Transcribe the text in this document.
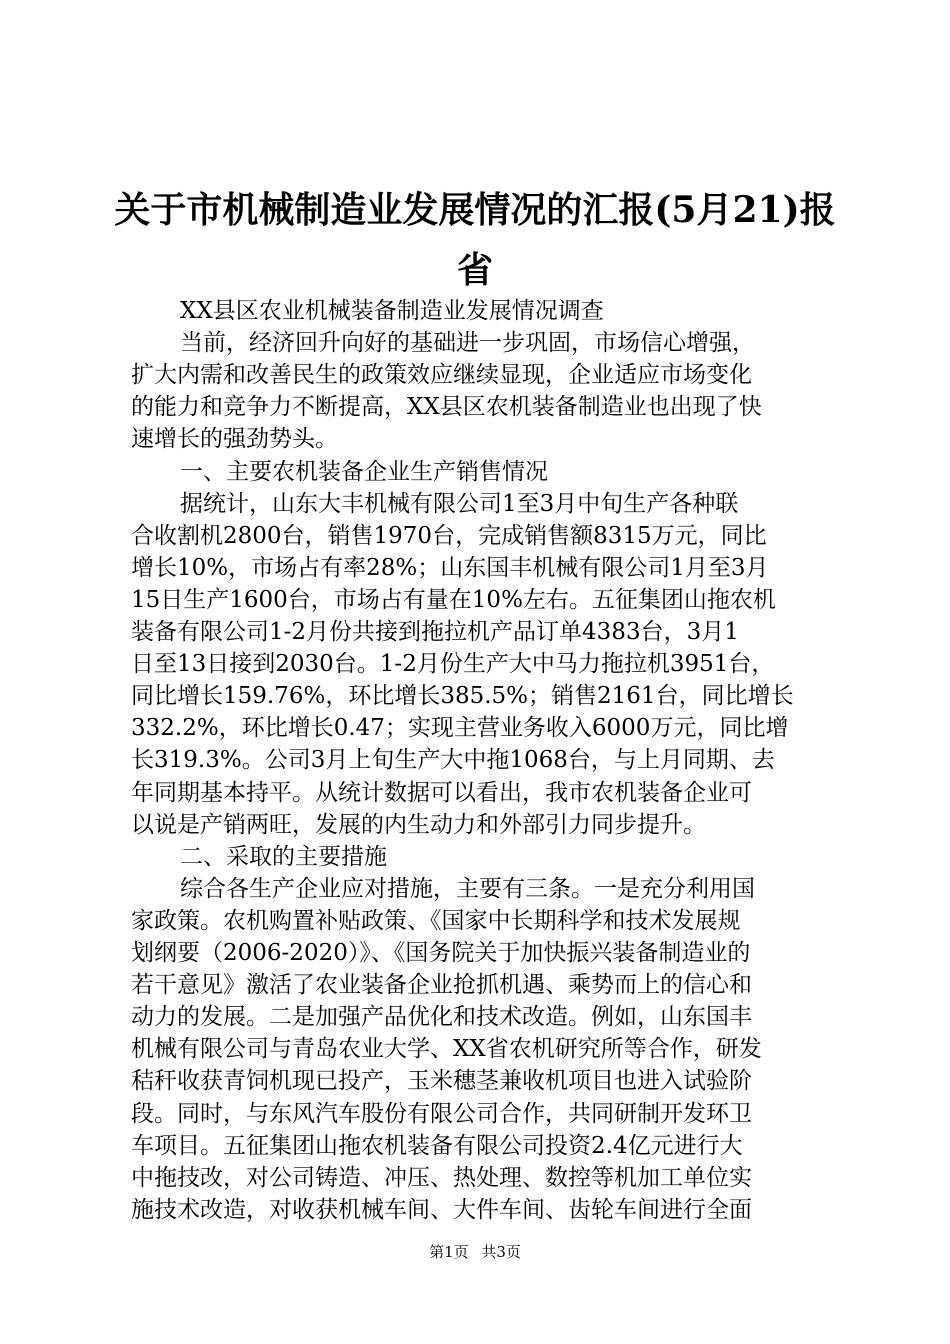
关于市机械制造业发展情况的汇报(5月21)报
省
XX县区农业机械装备制造业发展情况调查
当前，经济回升向好的基础进一步巩固，市场信心增强，
扩大内需和改善民生的政策效应继续显现，企业适应市场变化
的能力和竞争力不断提高，XX县区农机装备制造业也出现了快
速增长的强劲势头。
一、主要农机装备企业生产销售情况
据统计，山东大丰机械有限公司1至3月中旬生产各种联
合收割机2800台，销售1970台，完成销售额8315万元，同比
增长10%，市场占有率28%；山东国丰机械有限公司1月至3月
15日生产1600台，市场占有量在10%左右。五征集团山拖农机
装备有限公司1-2月份共接到拖拉机产品订单4383台，3月1
日至13日接到2030台。1-2月份生产大中马力拖拉机3951台，
同比增长159.76%，环比增长385.5%；销售2161台，同比增长
332.2%，环比增长0.47；实现主营业务收入6000万元，同比增
长319.3%。公司3月上旬生产大中拖1068台，与上月同期、去
年同期基本持平。从统计数据可以看出，我市农机装备企业可
以说是产销两旺，发展的内生动力和外部引力同步提升。
二、采取的主要措施
综合各生产企业应对措施，主要有三条。一是充分利用国
家政策。农机购置补贴政策、《国家中长期科学和技术发展规
划纲要（2006-2020）》、《国务院关于加快振兴装备制造业的
若干意见》激活了农业装备企业抢抓机遇、乘势而上的信心和
动力的发展。二是加强产品优化和技术改造。例如，山东国丰
机械有限公司与青岛农业大学、XX省农机研究所等合作，研发
秸秆收获青饲机现已投产，玉米穗茎兼收机项目也进入试验阶
段。同时，与东风汽车股份有限公司合作，共同研制开发环卫
车项目。五征集团山拖农机装备有限公司投资2.4亿元进行大
中拖技改，对公司铸造、冲压、热处理、数控等机加工单位实
施技术改造，对收获机械车间、大件车间、齿轮车间进行全面
第1页 共3页
